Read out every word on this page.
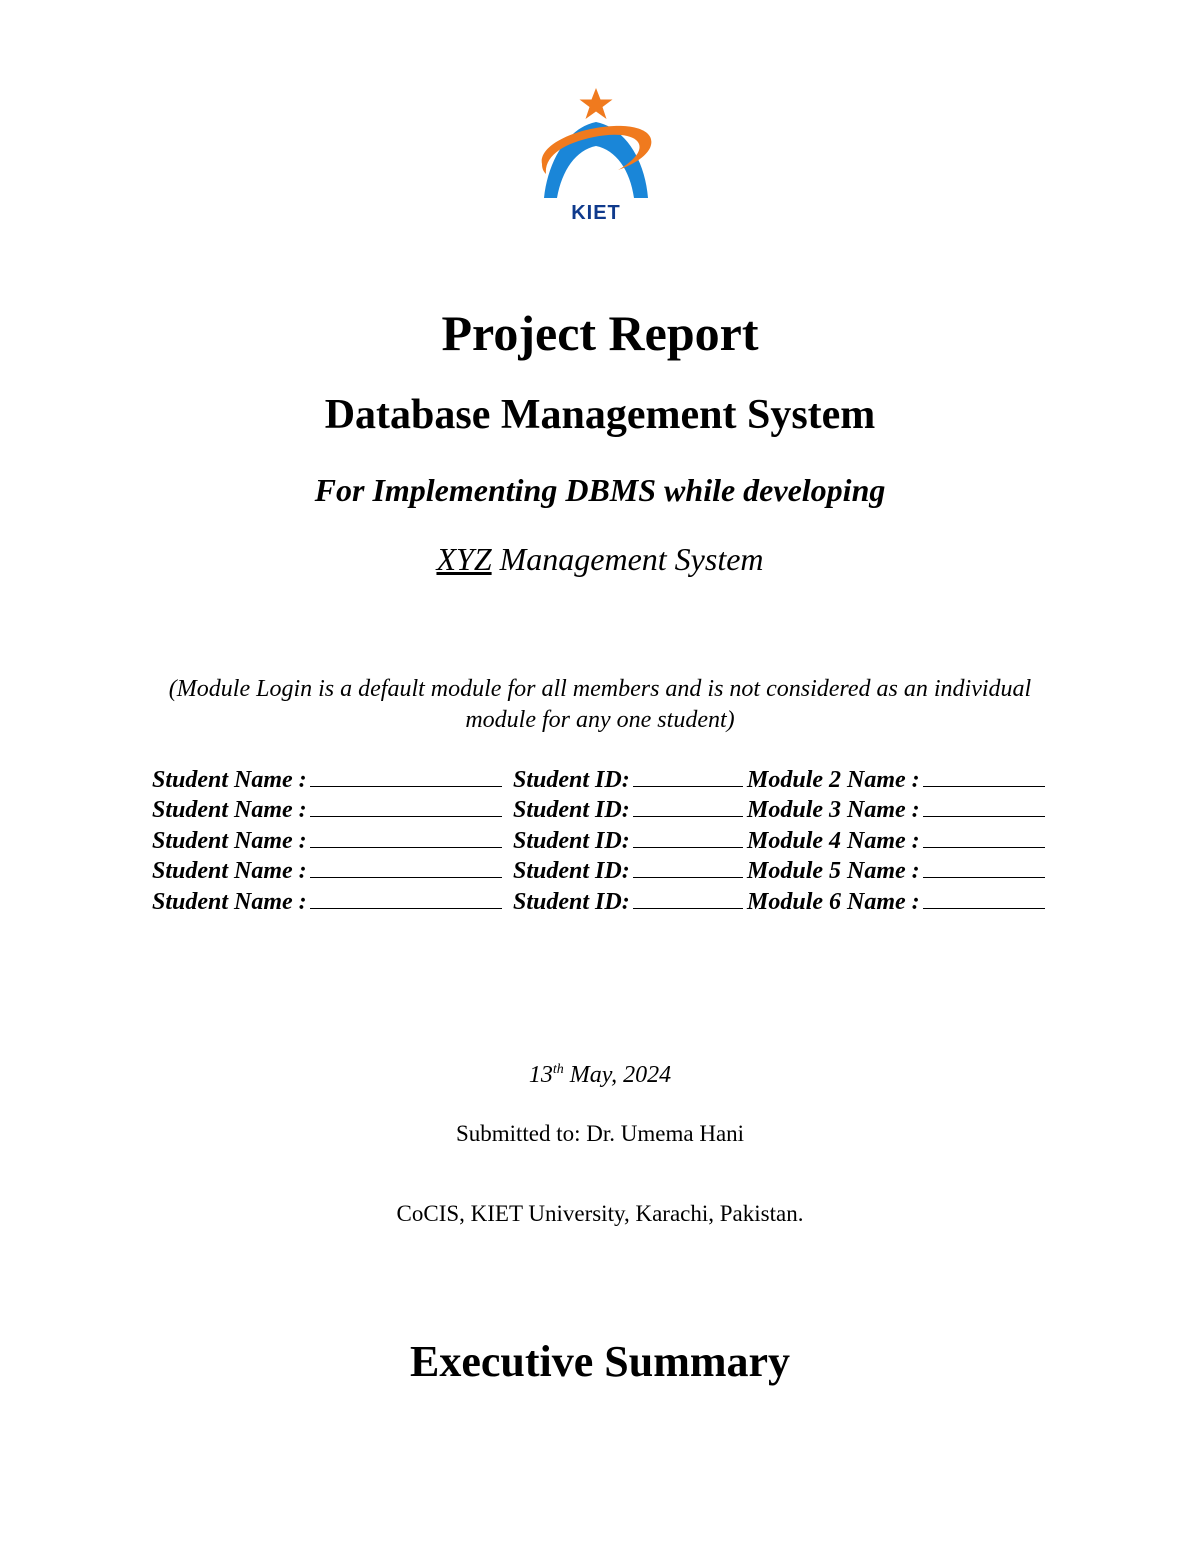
KIET
Project Report
Database Management System
For Implementing DBMS while developing
XYZ Management System
(Module Login is a default module for all members and is not considered as an individual module for any one student)
Student Name :	Student ID:	Module 2 Name :
Student Name :	Student ID:	Module 3 Name :
Student Name :	Student ID:	Module 4 Name :
Student Name :	Student ID:	Module 5 Name :
Student Name :	Student ID:	Module 6 Name :
13th May, 2024
Submitted to: Dr. Umema Hani
CoCIS, KIET University, Karachi, Pakistan.
Executive Summary
